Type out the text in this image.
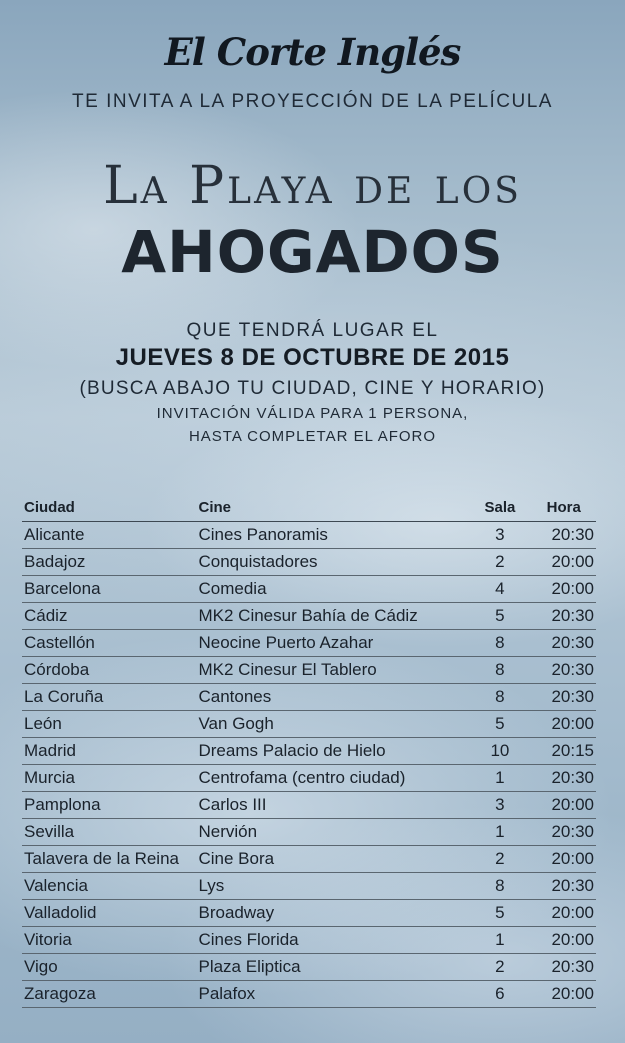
El Corte Inglés
TE INVITA A LA PROYECCIÓN DE LA PELÍCULA
La Playa de los
AHOGADOS
QUE TENDRÁ LUGAR EL
JUEVES 8 DE OCTUBRE DE 2015
(BUSCA ABAJO TU CIUDAD, CINE Y HORARIO)
INVITACIÓN VÁLIDA PARA 1 PERSONA,
HASTA COMPLETAR EL AFORO
Ciudad	Cine	Sala	Hora
Alicante	Cines Panoramis	3	20:30
Badajoz	Conquistadores	2	20:00
Barcelona	Comedia	4	20:00
Cádiz	MK2 Cinesur Bahía de Cádiz	5	20:30
Castellón	Neocine Puerto Azahar	8	20:30
Córdoba	MK2 Cinesur El Tablero	8	20:30
La Coruña	Cantones	8	20:30
León	Van Gogh	5	20:00
Madrid	Dreams Palacio de Hielo	10	20:15
Murcia	Centrofama (centro ciudad)	1	20:30
Pamplona	Carlos III	3	20:00
Sevilla	Nervión	1	20:30
Talavera de la Reina	Cine Bora	2	20:00
Valencia	Lys	8	20:30
Valladolid	Broadway	5	20:00
Vitoria	Cines Florida	1	20:00
Vigo	Plaza Eliptica	2	20:30
Zaragoza	Palafox	6	20:00
